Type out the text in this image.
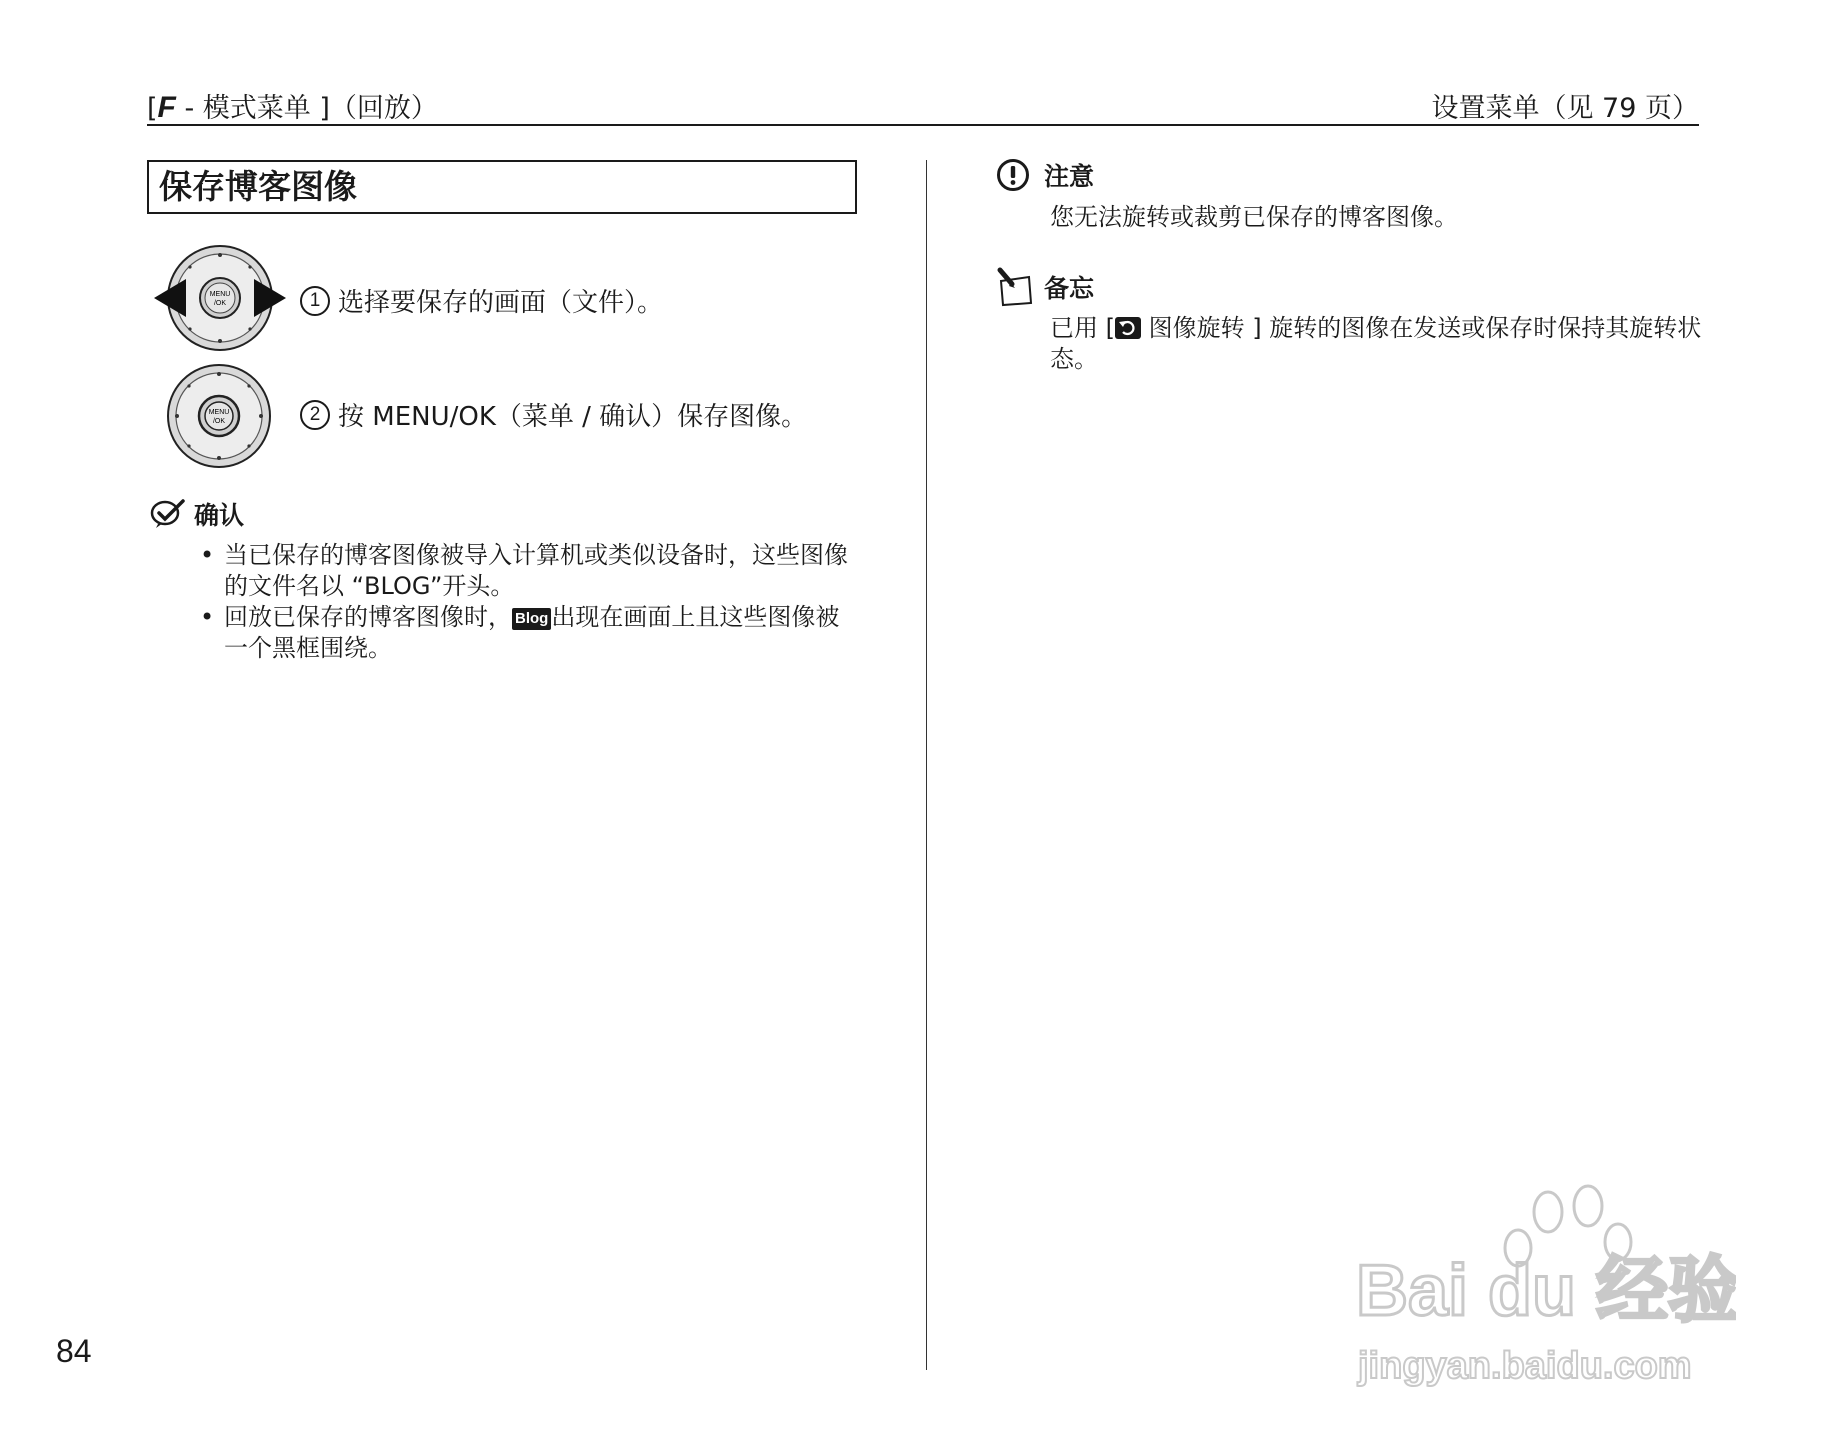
[F - 模式菜单 ]（回放）	设置菜单（见 79 页）
保存博客图像
MENU
/OK	1 选择要保存的画面（文件）。
MENU
/OK	2 按 MENU/OK（菜单 / 确认）保存图像。
确认
• 当已保存的博客图像被导入计算机或类似设备时，这些图像的文件名以 “BLOG”开头。
• 回放已保存的博客图像时， Blog 出现在画面上且这些图像被一个黑框围绕。
注意
您无法旋转或裁剪已保存的博客图像。
备忘
已用 [
图像旋转 ] 旋转的图像在发送或保存时保持其旋转状态。
84
Bai du 经验
jingyan.baidu.com
